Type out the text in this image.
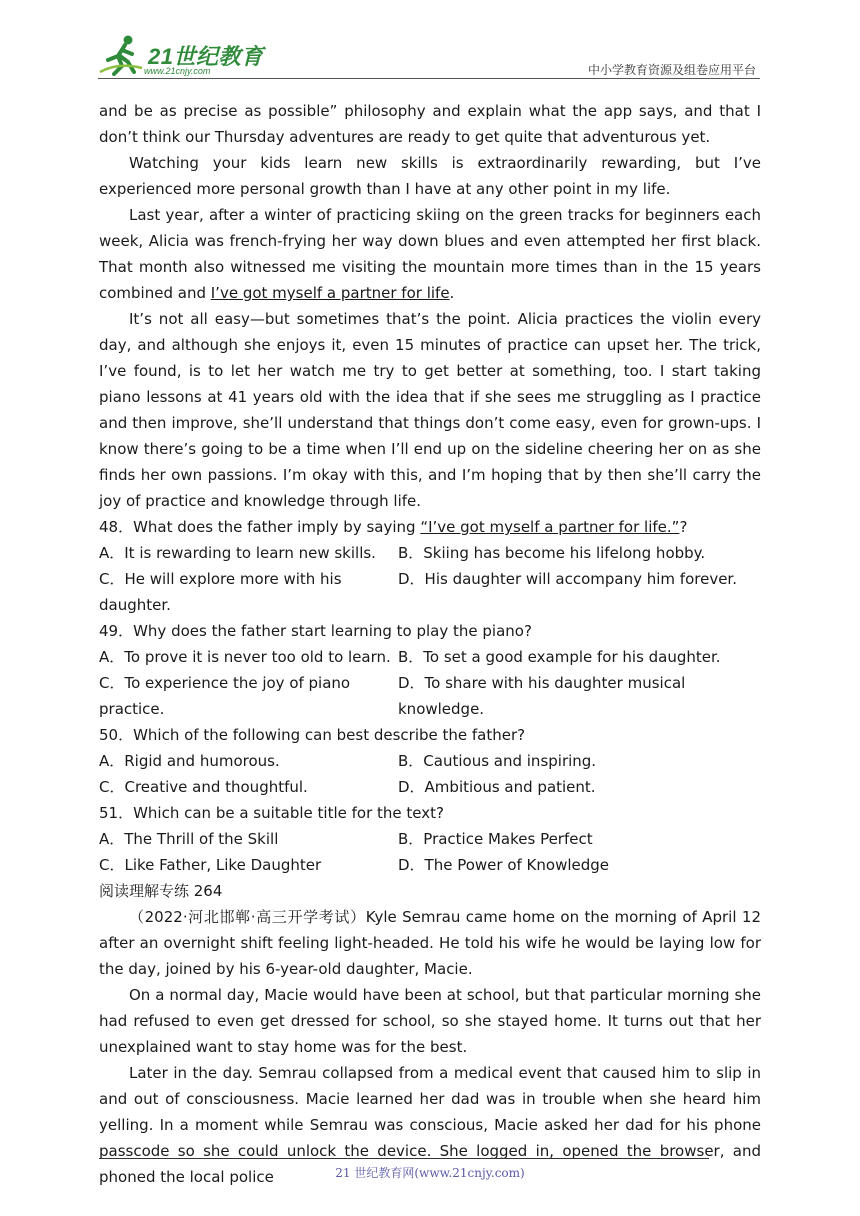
21世纪教育
www.21cnjy.com	中小学教育资源及组卷应用平台

and be as precise as possible” philosophy and explain what the app says, and that I don’t think our Thursday adventures are ready to get quite that adventurous yet.

Watching your kids learn new skills is extraordinarily rewarding, but I’ve experienced more personal growth than I have at any other point in my life.

Last year, after a winter of practicing skiing on the green tracks for beginners each week, Alicia was french-frying her way down blues and even attempted her first black. That month also witnessed me visiting the mountain more times than in the 15 years combined and I’ve got myself a partner for life.

It’s not all easy—but sometimes that’s the point. Alicia practices the violin every day, and although she enjoys it, even 15 minutes of practice can upset her. The trick, I’ve found, is to let her watch me try to get better at something, too. I start taking piano lessons at 41 years old with the idea that if she sees me struggling as I practice and then improve, she’ll understand that things don’t come easy, even for grown-ups. I know there’s going to be a time when I’ll end up on the sideline cheering her on as she finds her own passions. I’m okay with this, and I’m hoping that by then she’ll carry the joy of practice and knowledge through life.

48．What does the father imply by saying “I’ve got myself a partner for life.”?

A．It is rewarding to learn new skills.	B．Skiing has become his lifelong hobby.
C．He will explore more with his daughter.
D．His daughter will accompany him forever.

49．Why does the father start learning to play the piano?

A．To prove it is never too old to learn. B．To set a good example for his daughter.
C．To experience the joy of piano practice.
D．To share with his daughter musical knowledge.

50．Which of the following can best describe the father?

A．Rigid and humorous.	B．Cautious and inspiring.
C．Creative and thoughtful.	D．Ambitious and patient.

51．Which can be a suitable title for the text?

A．The Thrill of the Skill	B．Practice Makes Perfect
C．Like Father, Like Daughter	D．The Power of Knowledge

阅读理解专练 264

（2022·河北邯郸·高三开学考试）Kyle Semrau came home on the morning of April 12 after an overnight shift feeling light-headed. He told his wife he would be laying low for the day, joined by his 6-year-old daughter, Macie.

On a normal day, Macie would have been at school, but that particular morning she had refused to even get dressed for school, so she stayed home. It turns out that her unexplained want to stay home was for the best.

Later in the day. Semrau collapsed from a medical event that caused him to slip in and out of consciousness. Macie learned her dad was in trouble when she heard him yelling. In a moment while Semrau was conscious, Macie asked her dad for his phone passcode so she could unlock the device. She logged in, opened the browser, and phoned the local police	21 世纪教育网(www.21cnjy.com)
